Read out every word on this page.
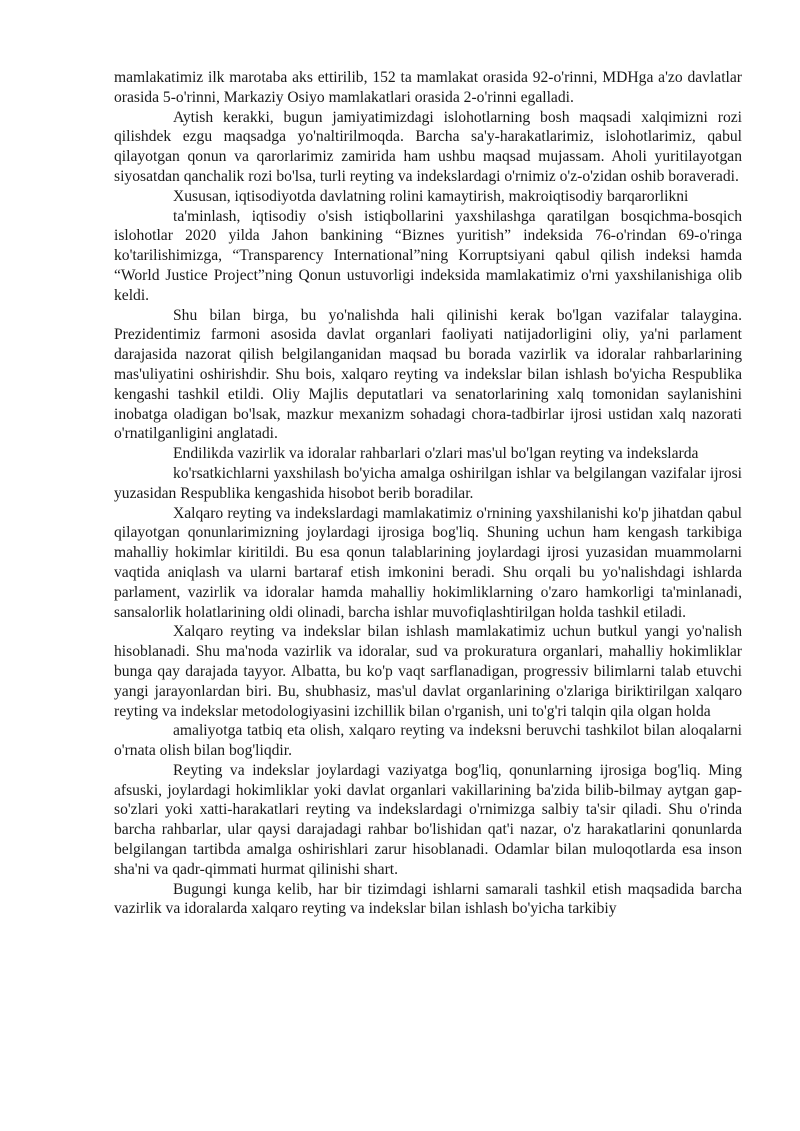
mamlakatimiz ilk marotaba aks ettirilib, 152 ta mamlakat orasida 92-o'rinni, MDHga a'zo davlatlar orasida 5-o'rinni, Markaziy Osiyo mamlakatlari orasida 2-o'rinni egalladi.

Aytish kerakki, bugun jamiyatimizdagi islohotlarning bosh maqsadi xalqimizni rozi qilishdek ezgu maqsadga yo'naltirilmoqda. Barcha sa'y-harakatlarimiz, islohotlarimiz, qabul qilayotgan qonun va qarorlarimiz zamirida ham ushbu maqsad mujassam. Aholi yuritilayotgan siyosatdan qanchalik rozi bo'lsa, turli reyting va indekslardagi o'rnimiz o'z-o'zidan oshib boraveradi.

Xususan, iqtisodiyotda davlatning rolini kamaytirish, makroiqtisodiy barqarorlikni

ta'minlash, iqtisodiy o'sish istiqbollarini yaxshilashga qaratilgan bosqichma-bosqich islohotlar 2020 yilda Jahon bankining “Biznes yuritish” indeksida 76-o'rindan 69-o'ringa ko'tarilishimizga, “Transparency International”ning Korruptsiyani qabul qilish indeksi hamda “World Justice Project”ning Qonun ustuvorligi indeksida mamlakatimiz o'rni yaxshilanishiga olib keldi.

Shu bilan birga, bu yo'nalishda hali qilinishi kerak bo'lgan vazifalar talaygina. Prezidentimiz farmoni asosida davlat organlari faoliyati natijadorligini oliy, ya'ni parlament darajasida nazorat qilish belgilanganidan maqsad bu borada vazirlik va idoralar rahbarlarining mas'uliyatini oshirishdir. Shu bois, xalqaro reyting va indekslar bilan ishlash bo'yicha Respublika kengashi tashkil etildi. Oliy Majlis deputatlari va senatorlarining xalq tomonidan saylanishini inobatga oladigan bo'lsak, mazkur mexanizm sohadagi chora-tadbirlar ijrosi ustidan xalq nazorati o'rnatilganligini anglatadi.

Endilikda vazirlik va idoralar rahbarlari o'zlari mas'ul bo'lgan reyting va indekslarda

ko'rsatkichlarni yaxshilash bo'yicha amalga oshirilgan ishlar va belgilangan vazifalar ijrosi yuzasidan Respublika kengashida hisobot berib boradilar.

Xalqaro reyting va indekslardagi mamlakatimiz o'rnining yaxshilanishi ko'p jihatdan qabul qilayotgan qonunlarimizning joylardagi ijrosiga bog'liq. Shuning uchun ham kengash tarkibiga mahalliy hokimlar kiritildi. Bu esa qonun talablarining joylardagi ijrosi yuzasidan muammolarni vaqtida aniqlash va ularni bartaraf etish imkonini beradi. Shu orqali bu yo'nalishdagi ishlarda parlament, vazirlik va idoralar hamda mahalliy hokimliklarning o'zaro hamkorligi ta'minlanadi, sansalorlik holatlarining oldi olinadi, barcha ishlar muvofiqlashtirilgan holda tashkil etiladi.

Xalqaro reyting va indekslar bilan ishlash mamlakatimiz uchun butkul yangi yo'nalish hisoblanadi. Shu ma'noda vazirlik va idoralar, sud va prokuratura organlari, mahalliy hokimliklar bunga qay darajada tayyor. Albatta, bu ko'p vaqt sarflanadigan, progressiv bilimlarni talab etuvchi yangi jarayonlardan biri. Bu, shubhasiz, mas'ul davlat organlarining o'zlariga biriktirilgan xalqaro reyting va indekslar metodologiyasini izchillik bilan o'rganish, uni to'g'ri talqin qila olgan holda

amaliyotga tatbiq eta olish, xalqaro reyting va indeksni beruvchi tashkilot bilan aloqalarni o'rnata olish bilan bog'liqdir.

Reyting va indekslar joylardagi vaziyatga bog'liq, qonunlarning ijrosiga bog'liq. Ming afsuski, joylardagi hokimliklar yoki davlat organlari vakillarining ba'zida bilib-bilmay aytgan gap-so'zlari yoki xatti-harakatlari reyting va indekslardagi o'rnimizga salbiy ta'sir qiladi. Shu o'rinda barcha rahbarlar, ular qaysi darajadagi rahbar bo'lishidan qat'i nazar, o'z harakatlarini qonunlarda belgilangan tartibda amalga oshirishlari zarur hisoblanadi. Odamlar bilan muloqotlarda esa inson sha'ni va qadr-qimmati hurmat qilinishi shart.

Bugungi kunga kelib, har bir tizimdagi ishlarni samarali tashkil etish maqsadida barcha vazirlik va idoralarda xalqaro reyting va indekslar bilan ishlash bo'yicha tarkibiy
